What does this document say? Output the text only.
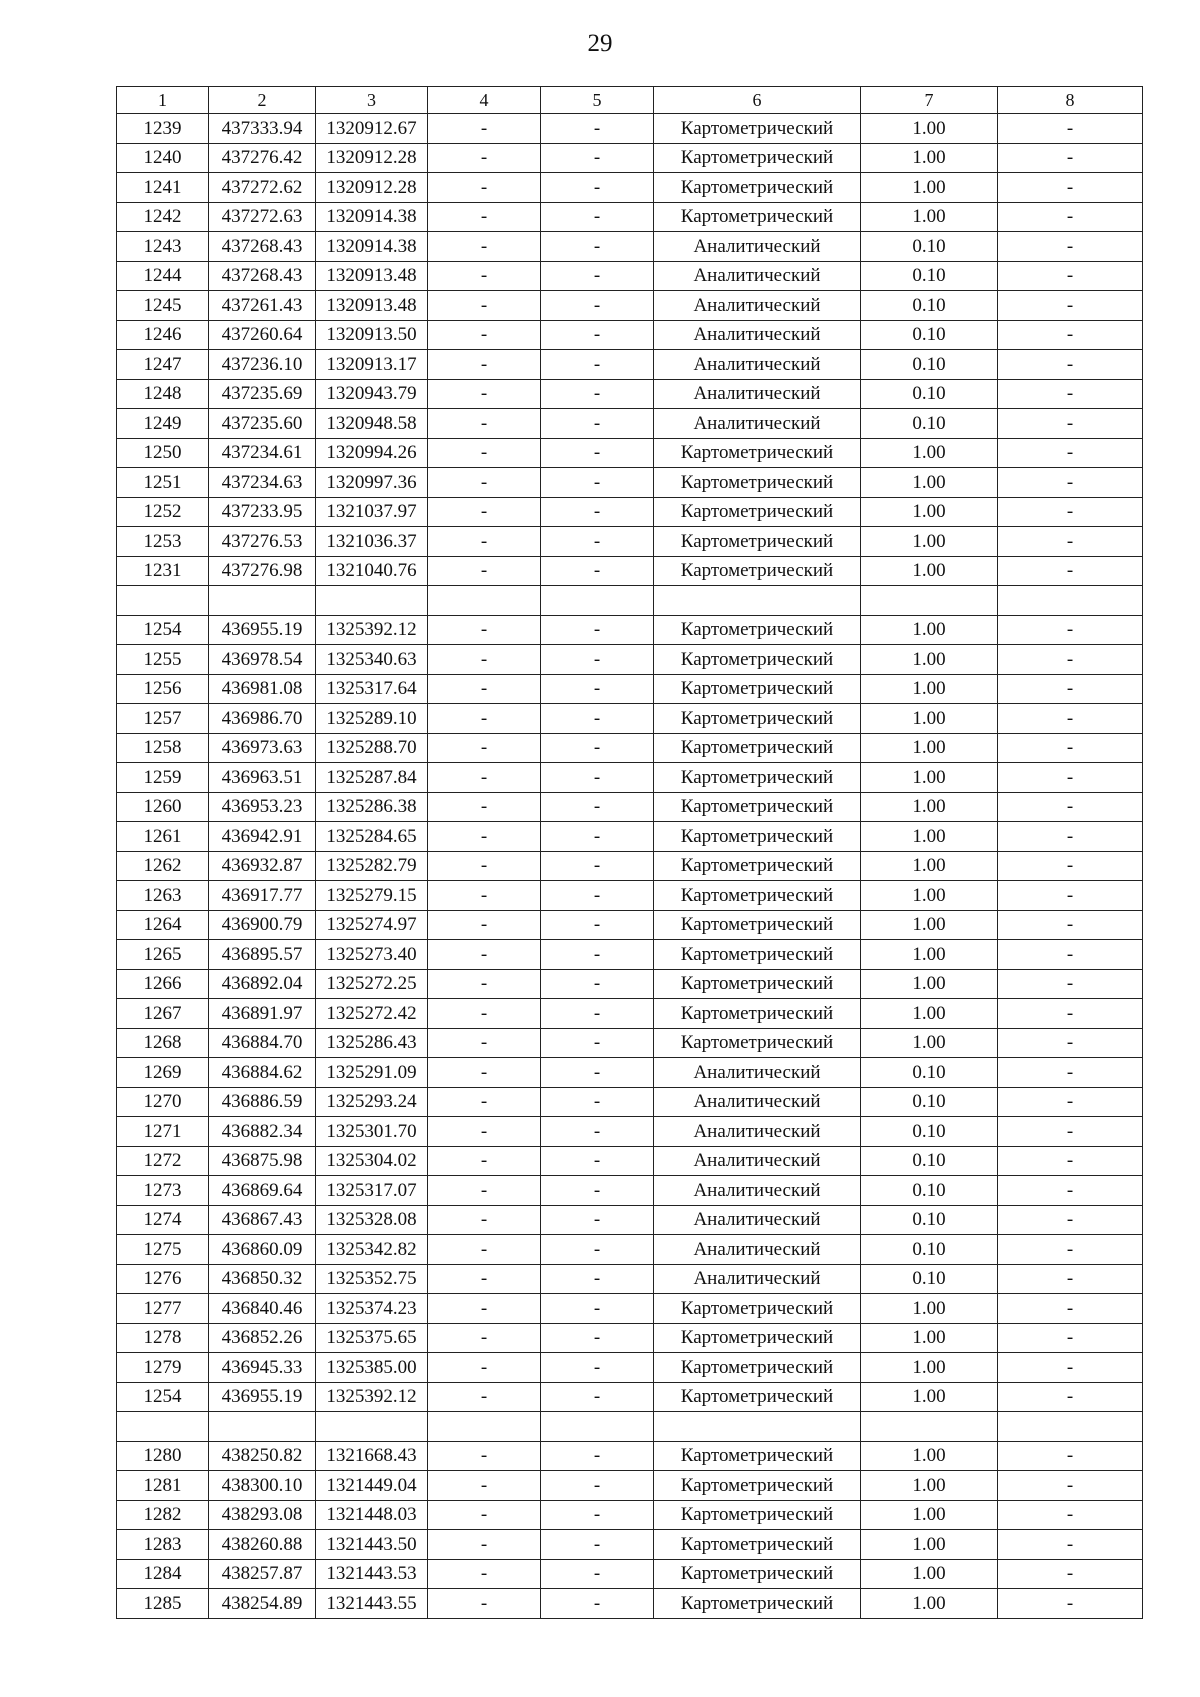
29
1	2	3	4	5	6	7	8
1239	437333.94	1320912.67	-	-	Картометрический	1.00	-
1240	437276.42	1320912.28	-	-	Картометрический	1.00	-
1241	437272.62	1320912.28	-	-	Картометрический	1.00	-
1242	437272.63	1320914.38	-	-	Картометрический	1.00	-
1243	437268.43	1320914.38	-	-	Аналитический	0.10	-
1244	437268.43	1320913.48	-	-	Аналитический	0.10	-
1245	437261.43	1320913.48	-	-	Аналитический	0.10	-
1246	437260.64	1320913.50	-	-	Аналитический	0.10	-
1247	437236.10	1320913.17	-	-	Аналитический	0.10	-
1248	437235.69	1320943.79	-	-	Аналитический	0.10	-
1249	437235.60	1320948.58	-	-	Аналитический	0.10	-
1250	437234.61	1320994.26	-	-	Картометрический	1.00	-
1251	437234.63	1320997.36	-	-	Картометрический	1.00	-
1252	437233.95	1321037.97	-	-	Картометрический	1.00	-
1253	437276.53	1321036.37	-	-	Картометрический	1.00	-
1231	437276.98	1321040.76	-	-	Картометрический	1.00	-

1254	436955.19	1325392.12	-	-	Картометрический	1.00	-
1255	436978.54	1325340.63	-	-	Картометрический	1.00	-
1256	436981.08	1325317.64	-	-	Картометрический	1.00	-
1257	436986.70	1325289.10	-	-	Картометрический	1.00	-
1258	436973.63	1325288.70	-	-	Картометрический	1.00	-
1259	436963.51	1325287.84	-	-	Картометрический	1.00	-
1260	436953.23	1325286.38	-	-	Картометрический	1.00	-
1261	436942.91	1325284.65	-	-	Картометрический	1.00	-
1262	436932.87	1325282.79	-	-	Картометрический	1.00	-
1263	436917.77	1325279.15	-	-	Картометрический	1.00	-
1264	436900.79	1325274.97	-	-	Картометрический	1.00	-
1265	436895.57	1325273.40	-	-	Картометрический	1.00	-
1266	436892.04	1325272.25	-	-	Картометрический	1.00	-
1267	436891.97	1325272.42	-	-	Картометрический	1.00	-
1268	436884.70	1325286.43	-	-	Картометрический	1.00	-
1269	436884.62	1325291.09	-	-	Аналитический	0.10	-
1270	436886.59	1325293.24	-	-	Аналитический	0.10	-
1271	436882.34	1325301.70	-	-	Аналитический	0.10	-
1272	436875.98	1325304.02	-	-	Аналитический	0.10	-
1273	436869.64	1325317.07	-	-	Аналитический	0.10	-
1274	436867.43	1325328.08	-	-	Аналитический	0.10	-
1275	436860.09	1325342.82	-	-	Аналитический	0.10	-
1276	436850.32	1325352.75	-	-	Аналитический	0.10	-
1277	436840.46	1325374.23	-	-	Картометрический	1.00	-
1278	436852.26	1325375.65	-	-	Картометрический	1.00	-
1279	436945.33	1325385.00	-	-	Картометрический	1.00	-
1254	436955.19	1325392.12	-	-	Картометрический	1.00	-

1280	438250.82	1321668.43	-	-	Картометрический	1.00	-
1281	438300.10	1321449.04	-	-	Картометрический	1.00	-
1282	438293.08	1321448.03	-	-	Картометрический	1.00	-
1283	438260.88	1321443.50	-	-	Картометрический	1.00	-
1284	438257.87	1321443.53	-	-	Картометрический	1.00	-
1285	438254.89	1321443.55	-	-	Картометрический	1.00	-
